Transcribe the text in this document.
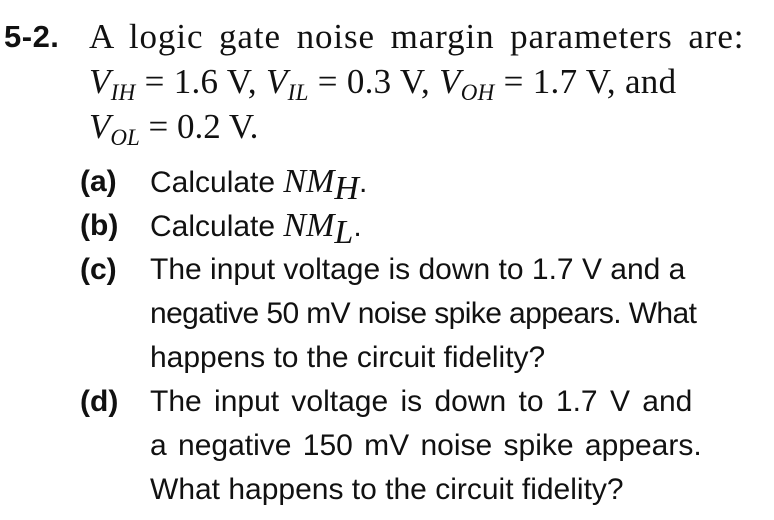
5-2. A logic gate noise margin parameters are:
$V_{IH} = 1.6$ V, $V_{IL} = 0.3$ V, $V_{OH} = 1.7$ V, and
$V_{OL} = 0.2$ V.
(a) Calculate NMH.
(b) Calculate NML.
(c) The input voltage is down to 1.7 V and a
negative 50 mV noise spike appears. What
happens to the circuit fidelity?
(d) The input voltage is down to 1.7 V and
a negative 150 mV noise spike appears.
What happens to the circuit fidelity?
